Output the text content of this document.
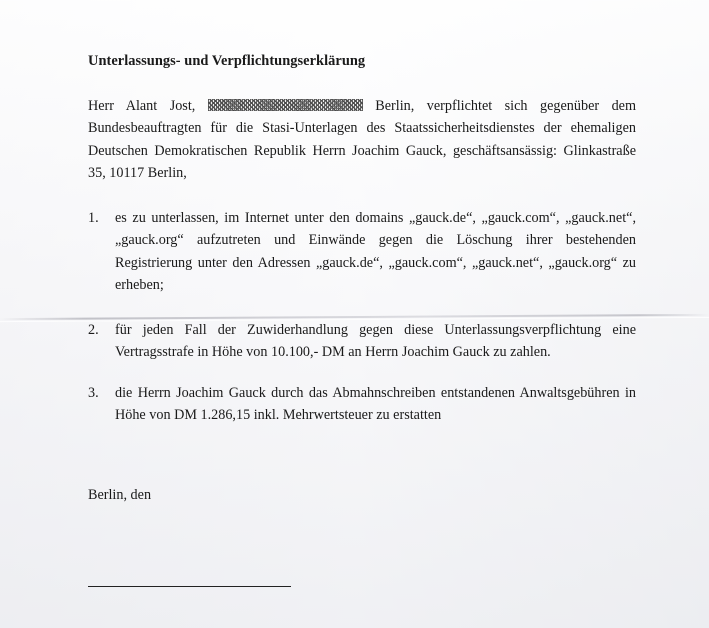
Unterlassungs- und Verpflichtungserklärung

Herr Alant Jost,	Berlin, verpflichtet sich gegenüber dem Bundesbeauftragten für die Stasi-Unterlagen des Staatssicherheitsdienstes der ehemaligen Deutschen Demokratischen Republik Herrn Joachim Gauck, geschäftsansässig: Glinkastraße 35, 10117 Berlin,

1. es zu unterlassen, im Internet unter den domains „gauck.de“, „gauck.com“, „gauck.net“, „gauck.org“ aufzutreten und Einwände gegen die Löschung ihrer bestehenden Registrierung unter den Adressen „gauck.de“, „gauck.com“, „gauck.net“, „gauck.org“ zu erheben;
2. für jeden Fall der Zuwiderhandlung gegen diese Unterlassungsverpflichtung eine Vertragsstrafe in Höhe von 10.100,- DM an Herrn Joachim Gauck zu zahlen.
3. die Herrn Joachim Gauck durch das Abmahnschreiben entstandenen Anwaltsgebühren in Höhe von DM 1.286,15 inkl. Mehrwertsteuer zu erstatten

Berlin, den
